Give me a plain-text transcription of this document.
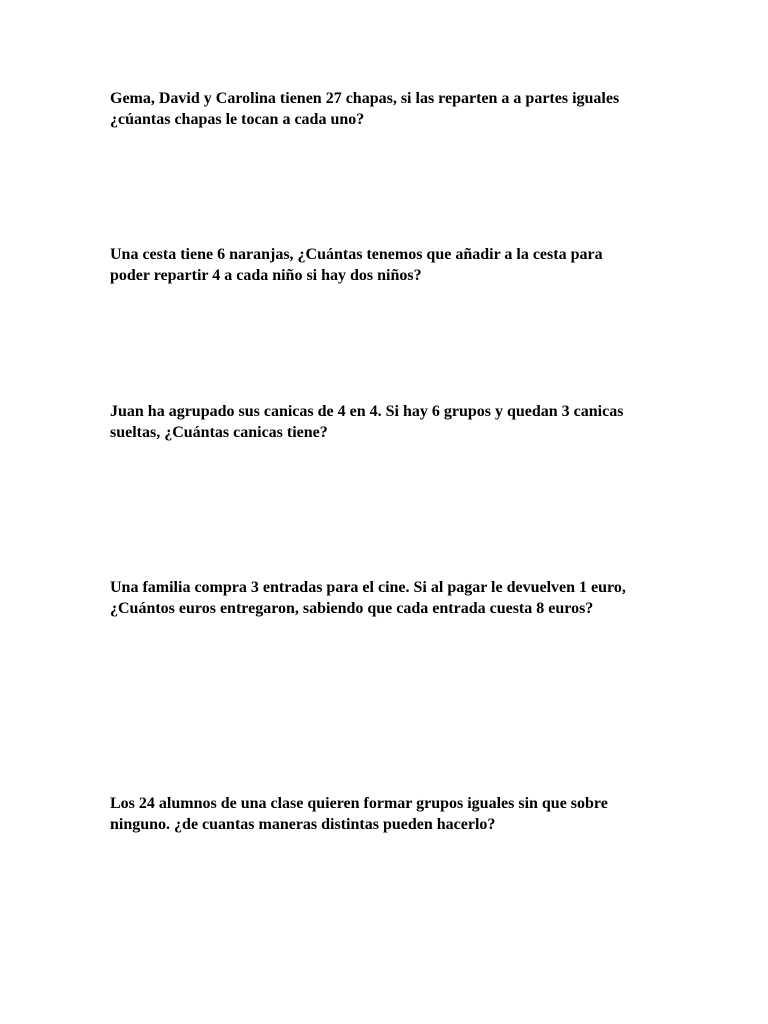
Gema, David y Carolina tienen 27 chapas, si las reparten a a partes iguales
¿cúantas chapas le tocan a cada uno?

Una cesta tiene 6 naranjas, ¿Cuántas tenemos que añadir a la cesta para
poder repartir 4 a cada niño si hay dos niños?

Juan ha agrupado sus canicas de 4 en 4. Si hay 6 grupos y quedan 3 canicas
sueltas, ¿Cuántas canicas tiene?

Una familia compra 3 entradas para el cine. Si al pagar le devuelven 1 euro,
¿Cuántos euros entregaron, sabiendo que cada entrada cuesta 8 euros?

Los 24 alumnos de una clase quieren formar grupos iguales sin que sobre
ninguno. ¿de cuantas maneras distintas pueden hacerlo?
